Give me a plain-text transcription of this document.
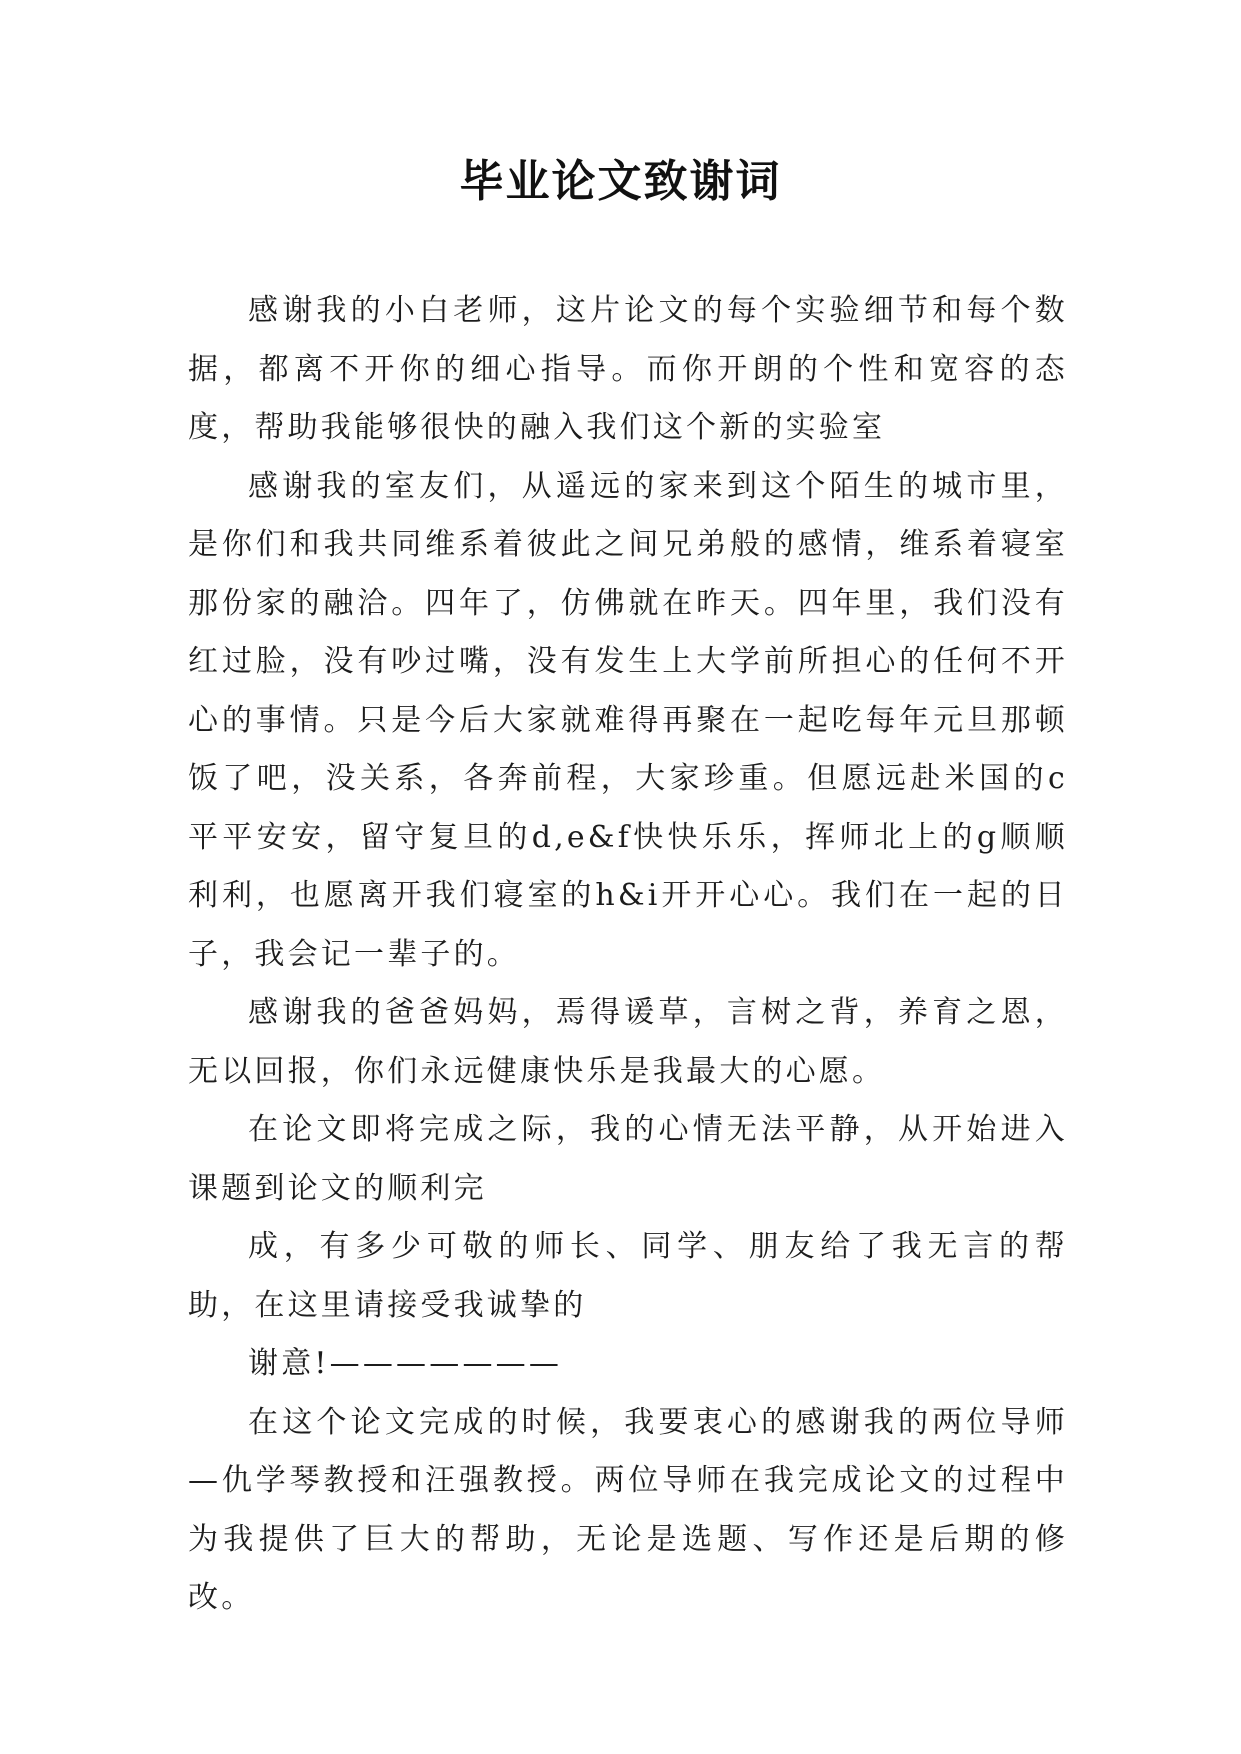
毕业论文致谢词

感谢我的小白老师，这片论文的每个实验细节和每个数据，都离不开你的细心指导。而你开朗的个性和宽容的态度，帮助我能够很快的融入我们这个新的实验室

感谢我的室友们，从遥远的家来到这个陌生的城市里，是你们和我共同维系着彼此之间兄弟般的感情，维系着寝室那份家的融洽。四年了，仿佛就在昨天。四年里，我们没有红过脸，没有吵过嘴，没有发生上大学前所担心的任何不开心的事情。只是今后大家就难得再聚在一起吃每年元旦那顿饭了吧，没关系，各奔前程，大家珍重。但愿远赴米国的c平平安安，留守复旦的d,e&f快快乐乐，挥师北上的g顺顺利利，也愿离开我们寝室的h&i开开心心。我们在一起的日子，我会记一辈子的。

感谢我的爸爸妈妈，焉得谖草，言树之背，养育之恩，无以回报，你们永远健康快乐是我最大的心愿。

在论文即将完成之际，我的心情无法平静，从开始进入课题到论文的顺利完

成，有多少可敬的师长、同学、朋友给了我无言的帮助，在这里请接受我诚挚的

谢意!———————

在这个论文完成的时候，我要衷心的感谢我的两位导师—仇学琴教授和汪强教授。两位导师在我完成论文的过程中为我提供了巨大的帮助，无论是选题、写作还是后期的修改。
